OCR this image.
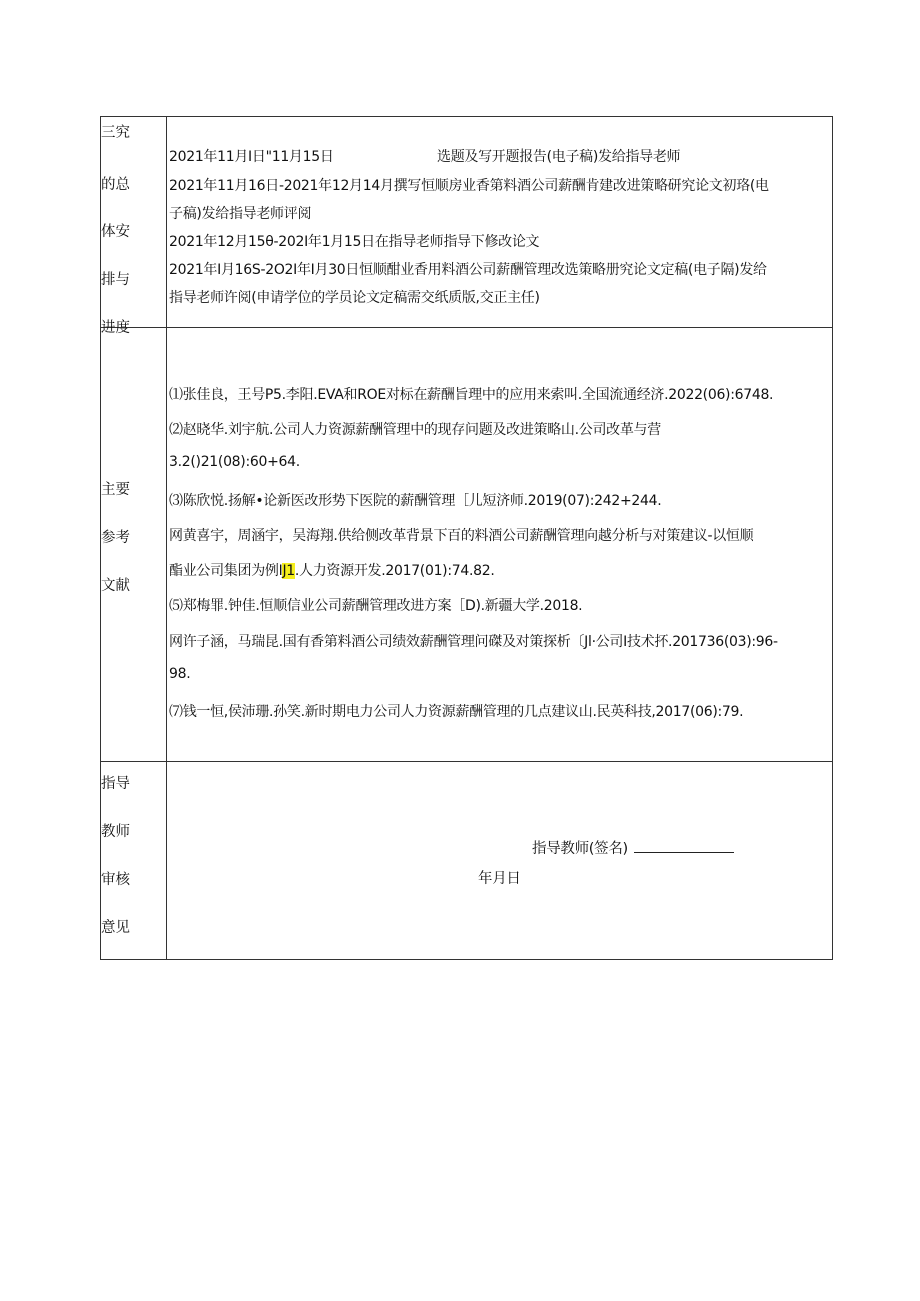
三究
的总
体安
排与
进度
2021年11月I日"11月15日	选题及写开题报告(电子稿)发给指导老师
2021年11月16日-2021年12月14月撰写恒顺房业香第料酒公司薪酬肯建改进策略研究论文初珞(电
子稿)发给指导老师评阅
2021年12月15θ-202I年1月15日在指导老师指导下修改论文
2021年I月16S-2O2I年I月30日恒顺酣业香用料酒公司薪酬管理改选策略册究论文定稿(电子隔)发给
指导老师许阅(申请学位的学员论文定稿需交纸质版,交正主任)
主要
参考
文献
⑴张佳良，王号P5.李阳.EVA和ROE对标在薪酬旨理中的应用来索叫.全国流通经济.2022(06):6748.
⑵赵晓华.刘宇航.公司人力资源薪酬管理中的现存问题及改进策略山.公司改革与营
3.2()21(08):60+64.
⑶陈欣悦.扬解•论新医改形势下医院的薪酬管理［儿短济师.2019(07):242+244.
网黄喜宇，周涵宇，吴海翔.供给侧改革背景下百的料酒公司薪酬管理向越分析与对策建议-以恒顺
酯业公司集团为例IJ1.人力资源开发.2017(01):74.82.
⑸郑梅罪.钟佳.恒顺信业公司薪酬管理改进方案［D).新疆大学.2018.
网许子涵，马瑞昆.国有香第料酒公司绩效薪酬管理问磔及对策探析〔Jl·公司I技术抔.201736(03):96-
98.
⑺钱一恒,侯沛珊.孙笑.新时期电力公司人力资源薪酬管理的几点建议山.民英科技,2017(06):79.
指导
教师
审核
意见
指导教师(签名)
年月日
